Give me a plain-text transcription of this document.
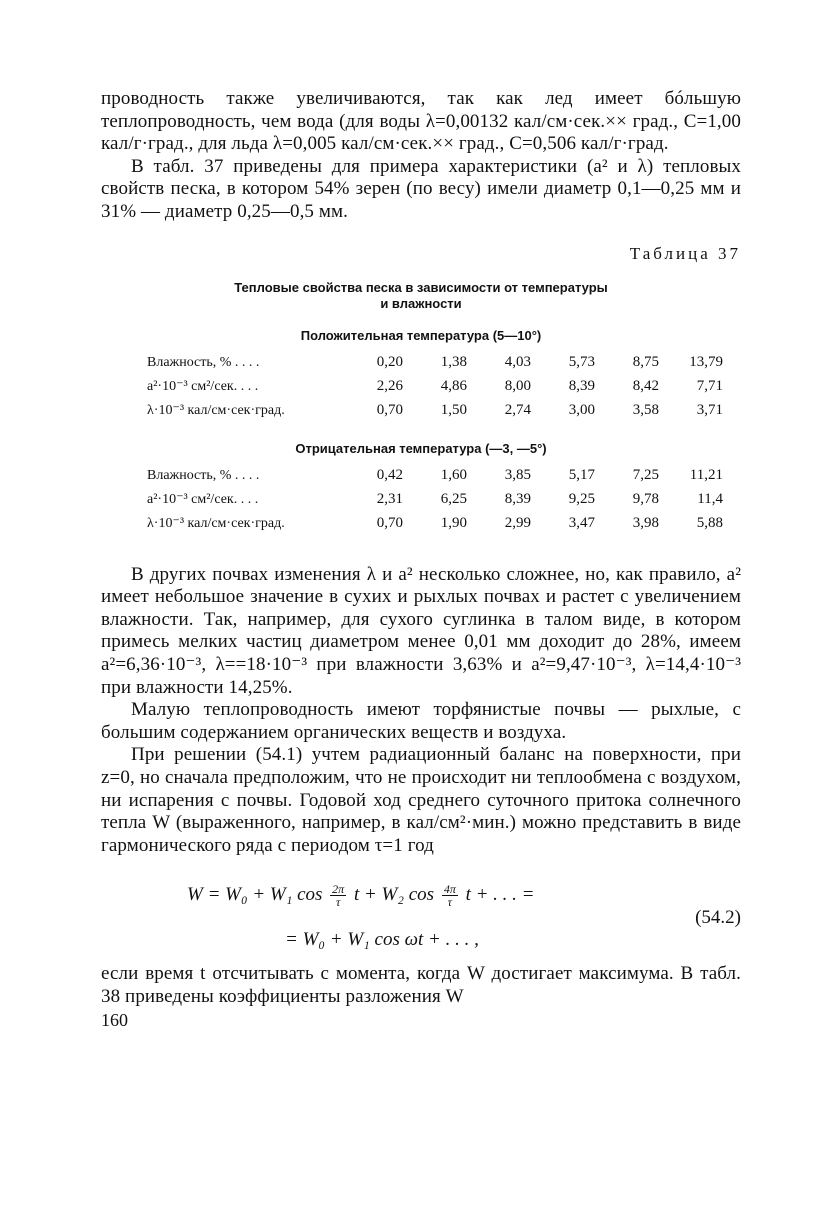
проводность также увеличиваются, так как лед имеет бóльшую теплопроводность, чем вода (для воды λ=0,00132 кал/см·сек.×× град., C=1,00 кал/г·град., для льда λ=0,005 кал/см·сек.×× град., C=0,506 кал/г·град.

В табл. 37 приведены для примера характеристики (a² и λ) тепловых свойств песка, в котором 54% зерен (по весу) имели диаметр 0,1—0,25 мм и 31% — диаметр 0,25—0,5 мм.

Таблица 37
Тепловые свойства песка в зависимости от температуры
и влажности
Положительная температура (5—10°)
Влажность, % . . . .	0,20	1,38	4,03	5,73	8,75	13,79
a²·10⁻³ см²/сек. . . .	2,26	4,86	8,00	8,39	8,42	7,71
λ·10⁻³ кал/см·сек·град.	0,70	1,50	2,74	3,00	3,58	3,71
Отрицательная температура (—3, —5°)
Влажность, % . . . .	0,42	1,60	3,85	5,17	7,25	11,21
a²·10⁻³ см²/сек. . . .	2,31	6,25	8,39	9,25	9,78	11,4
λ·10⁻³ кал/см·сек·град.	0,70	1,90	2,99	3,47	3,98	5,88

В других почвах изменения λ и a² несколько сложнее, но, как правило, a² имеет небольшое значение в сухих и рыхлых почвах и растет с увеличением влажности. Так, например, для сухого суглинка в талом виде, в котором примесь мелких частиц диаметром менее 0,01 мм доходит до 28%, имеем a²=6,36·10⁻³, λ==18·10⁻³ при влажности 3,63% и a²=9,47·10⁻³, λ=14,4·10⁻³ при влажности 14,25%.

Малую теплопроводность имеют торфянистые почвы — рыхлые, с большим содержанием органических веществ и воздуха.

При решении (54.1) учтем радиационный баланс на поверхности, при z=0, но сначала предположим, что не происходит ни теплообмена с воздухом, ни испарения с почвы. Годовой ход среднего суточного притока солнечного тепла W (выраженного, например, в кал/см²·мин.) можно представить в виде гармонического ряда с периодом τ=1 год

W = W₀ + W₁ $\cos \frac{2\pi}{\tau}$ t + W₂ $\cos \frac{4\pi}{\tau}$ t + . . . =
(54.2)
= W₀ + W₁ cos ωt + . . . ,

если время t отсчитывать с момента, когда W достигает максимума. В табл. 38 приведены коэффициенты разложения W

160
